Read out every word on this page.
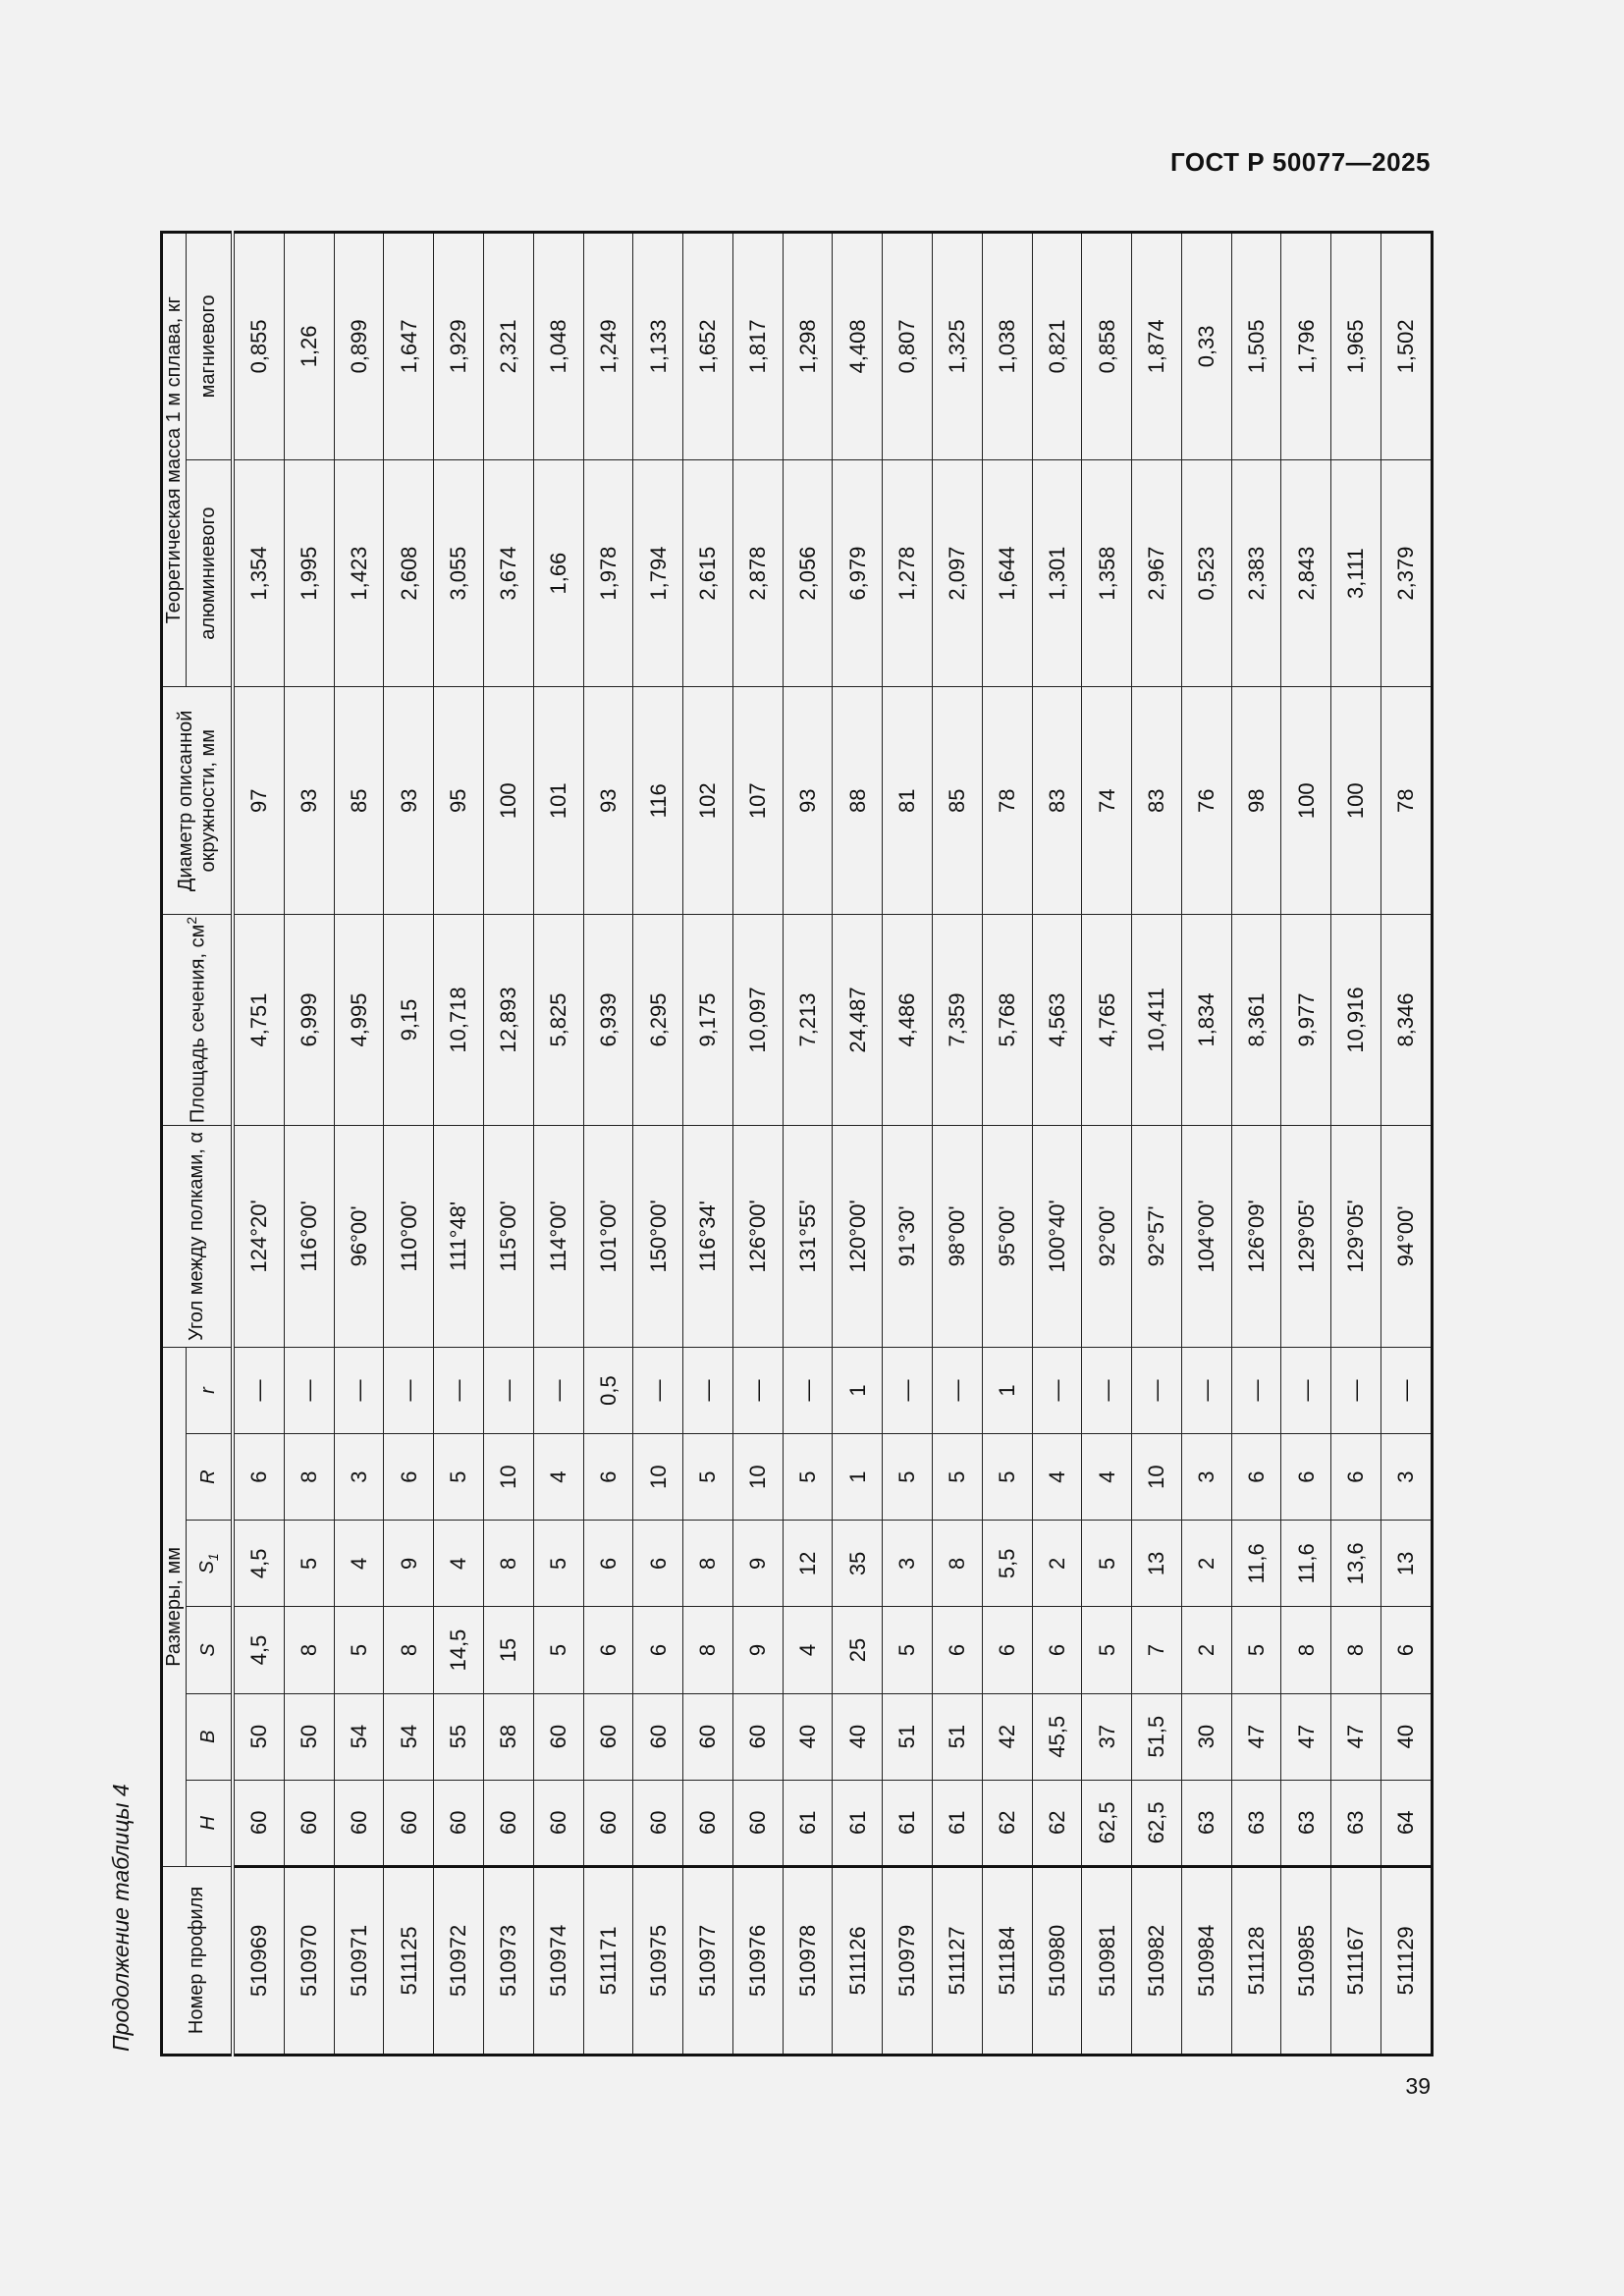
ГОСТ Р 50077—2025
Продолжение таблицы 4	Номер профиля	Размеры, мм						Угол между полками, α	Площадь сечения, $см^2$	Диаметр описанной окружности, мм	Теоретическая масса 1 м сплава, кг	
	H	B	S	$S_1$	R	r				алюминиевого	магниевого
510969	60	50	4,5	4,5	6	—	124°20'	4,751	97	1,354	0,855
510970	60	50	8	5	8	—	116°00'	6,999	93	1,995	1,26
510971	60	54	5	4	3	—	96°00'	4,995	85	1,423	0,899
511125	60	54	8	9	6	—	110°00'	9,15	93	2,608	1,647
510972	60	55	14,5	4	5	—	111°48'	10,718	95	3,055	1,929
510973	60	58	15	8	10	—	115°00'	12,893	100	3,674	2,321
510974	60	60	5	5	4	—	114°00'	5,825	101	1,66	1,048
511171	60	60	6	6	6	0,5	101°00'	6,939	93	1,978	1,249
510975	60	60	6	6	10	—	150°00'	6,295	116	1,794	1,133
510977	60	60	8	8	5	—	116°34'	9,175	102	2,615	1,652
510976	60	60	9	9	10	—	126°00'	10,097	107	2,878	1,817
510978	61	40	4	12	5	—	131°55'	7,213	93	2,056	1,298
511126	61	40	25	35	1	1	120°00'	24,487	88	6,979	4,408
510979	61	51	5	3	5	—	91°30'	4,486	81	1,278	0,807
511127	61	51	6	8	5	—	98°00'	7,359	85	2,097	1,325
511184	62	42	6	5,5	5	1	95°00'	5,768	78	1,644	1,038
510980	62	45,5	6	2	4	—	100°40'	4,563	83	1,301	0,821
510981	62,5	37	5	5	4	—	92°00'	4,765	74	1,358	0,858
510982	62,5	51,5	7	13	10	—	92°57'	10,411	83	2,967	1,874
510984	63	30	2	2	3	—	104°00'	1,834	76	0,523	0,33
511128	63	47	5	11,6	6	—	126°09'	8,361	98	2,383	1,505
510985	63	47	8	11,6	6	—	129°05'	9,977	100	2,843	1,796
511167	63	47	8	13,6	6	—	129°05'	10,916	100	3,111	1,965
511129	64	40	6	13	3	—	94°00'	8,346	78	2,379	1,502
39
